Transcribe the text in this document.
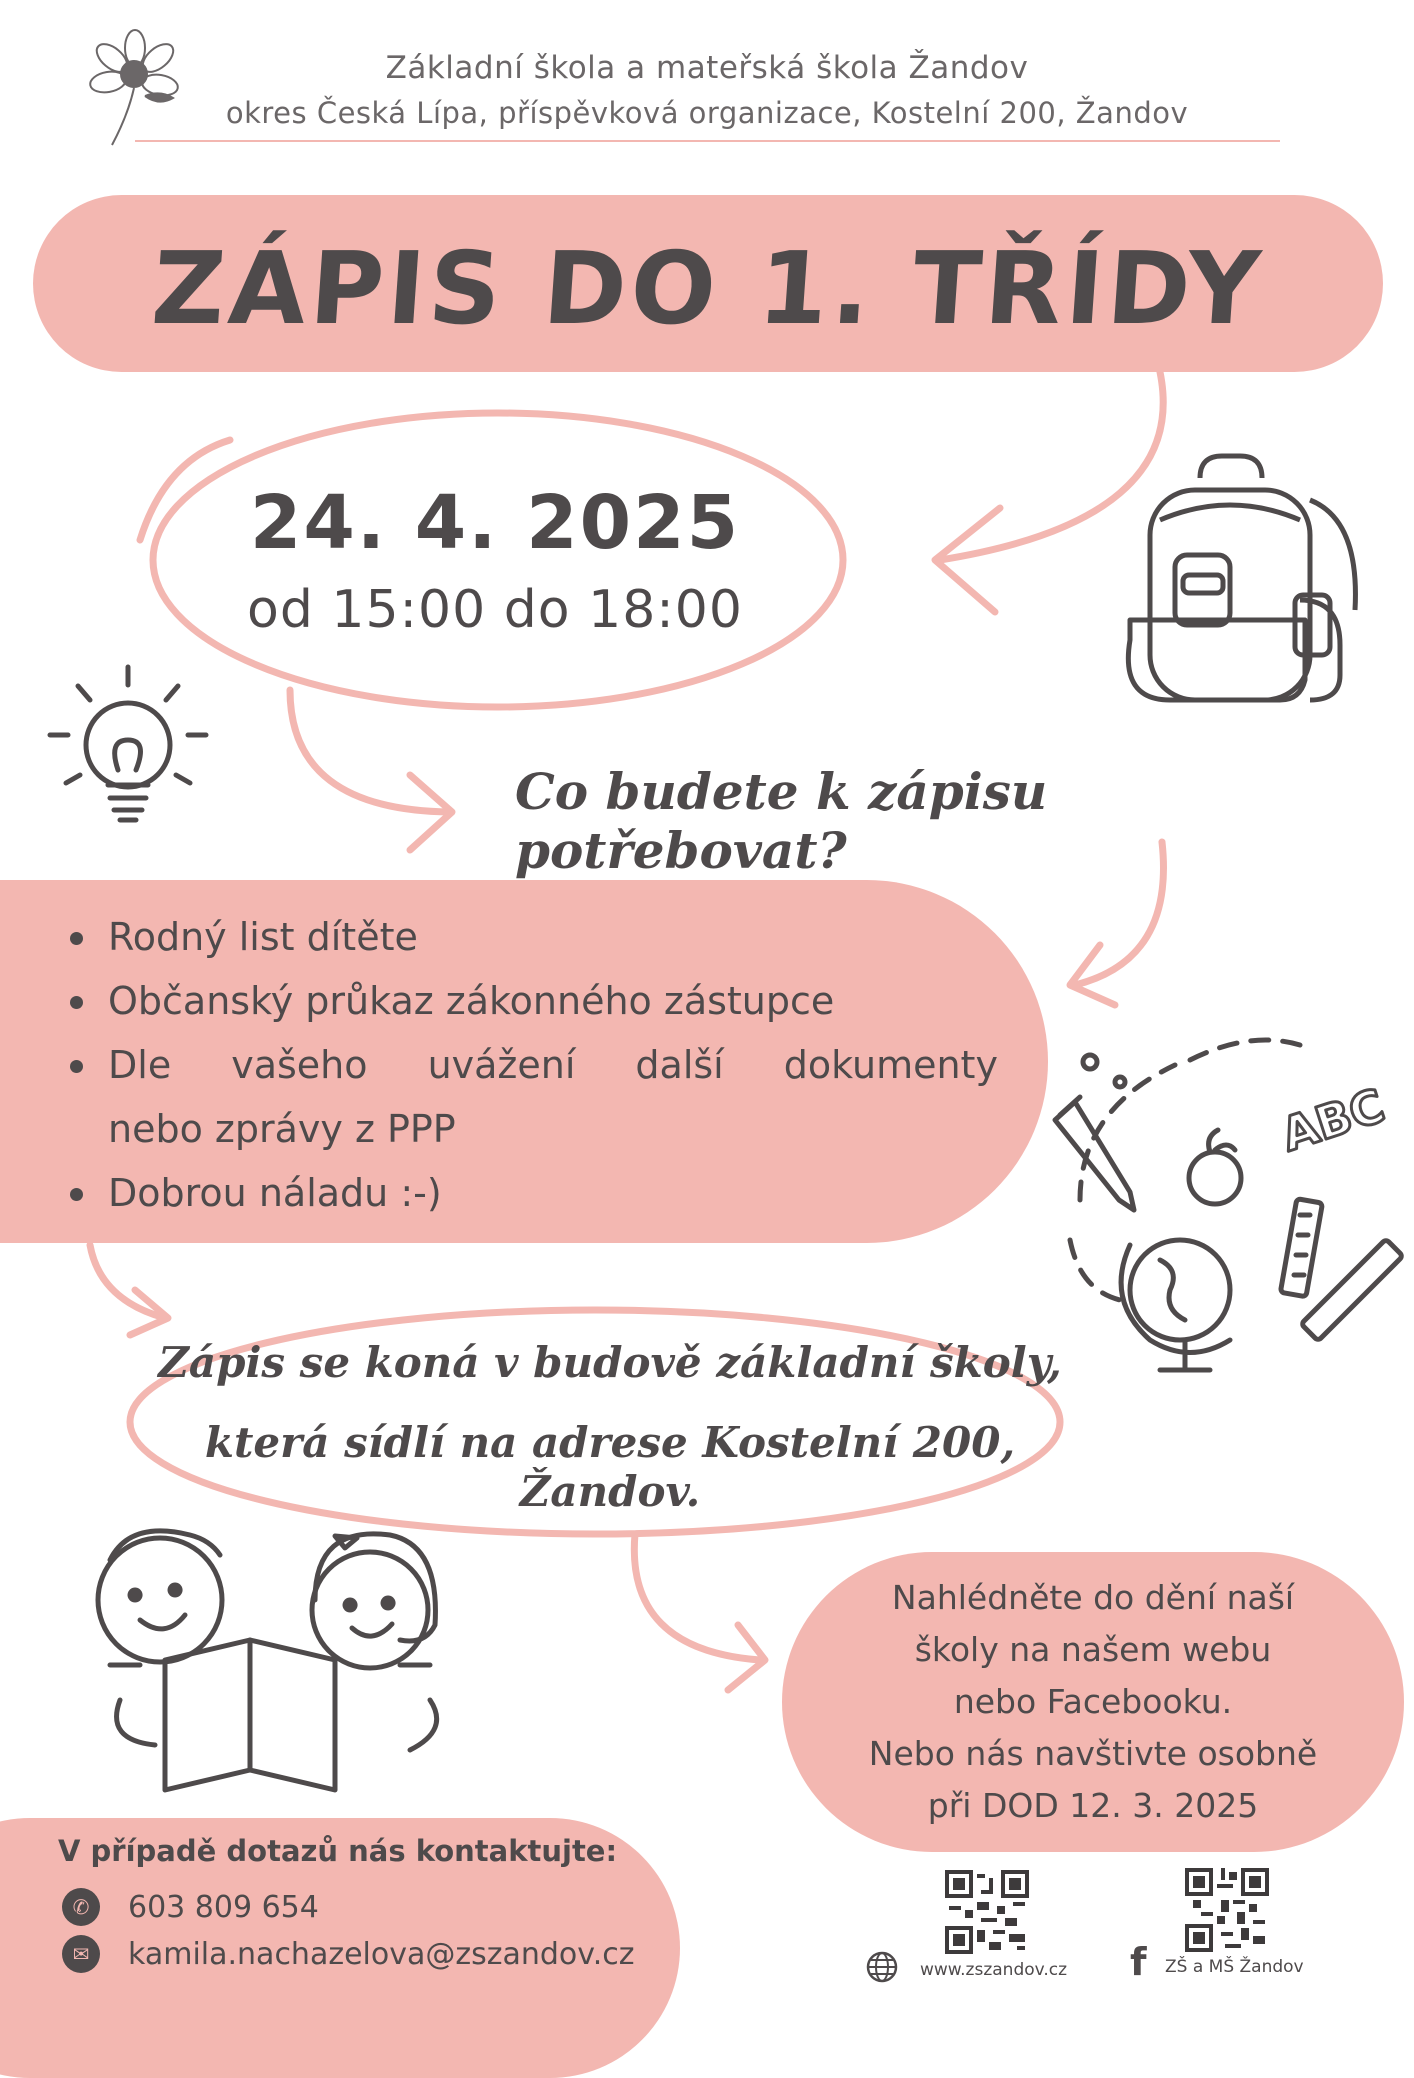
ABC
Základní škola a mateřská škola Žandov
okres Česká Lípa, příspěvková organizace, Kostelní 200, Žandov
ZÁPIS DO 1. TŘÍDY
24. 4. 2025
od 15:00 do 18:00
Co budete k zápisu potřebovat?
Rodný list dítěte
Občanský průkaz zákonného zástupce
Dle vašeho uvážení další dokumenty
nebo zprávy z PPP
Dobrou náladu :-)
Zápis se koná v budově základní školy,
která sídlí na adrese Kostelní 200, Žandov.
Nahlédněte do dění naší
školy na našem webu
nebo Facebooku.
Nebo nás navštivte osobně
při DOD 12. 3. 2025
V případě dotazů nás kontaktujte:
✆	603 809 654
✉	kamila.nachazelova@zszandov.cz	www.zszandov.cz f ZŠ a MŠ Žandov
